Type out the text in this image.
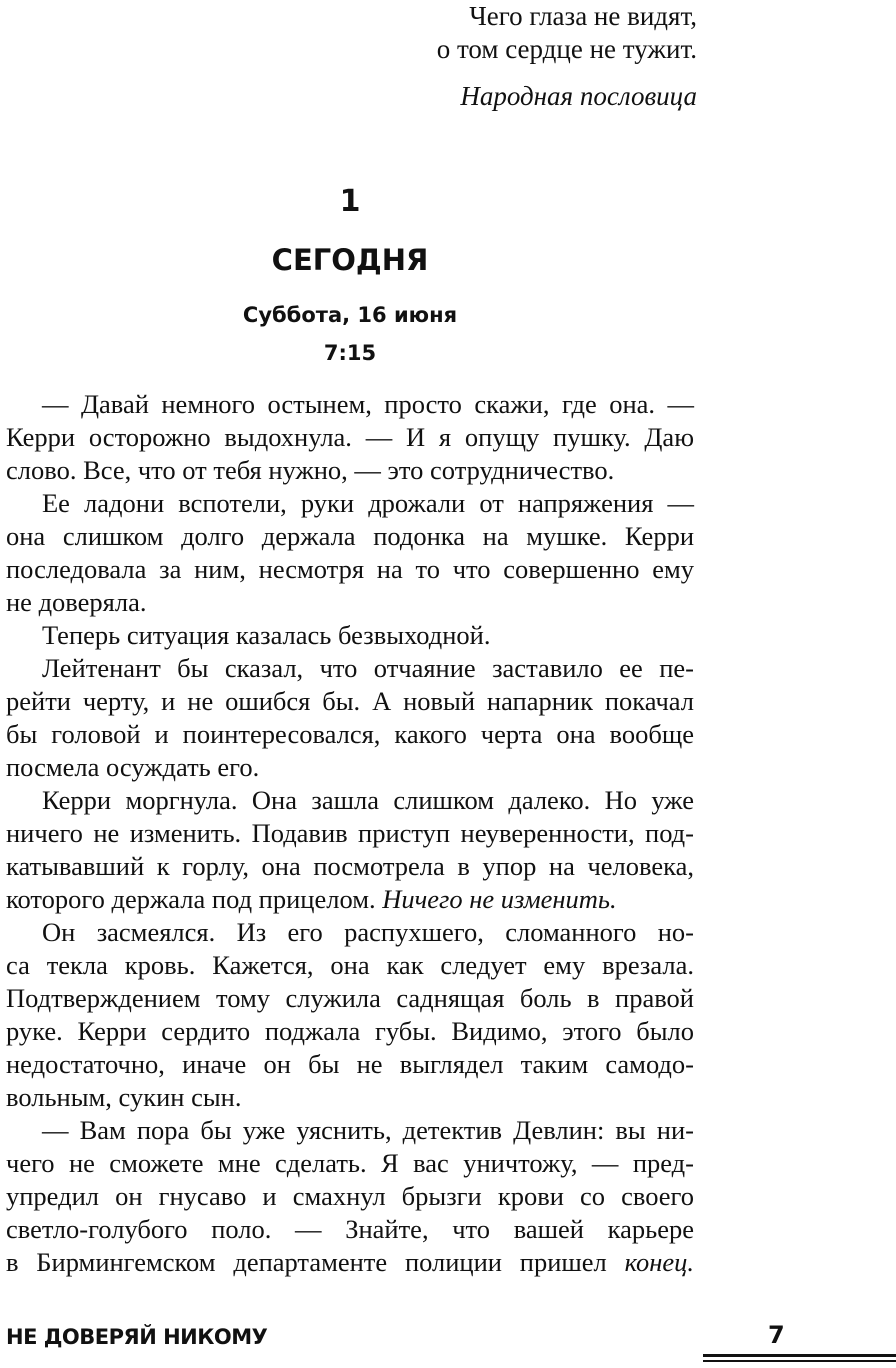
Чего глаза не видят,
о том сердце не тужит.
Народная пословица
1
СЕГОДНЯ
Суббота, 16 июня
7:15
— Давай немного остынем, просто скажи, где она. —
Керри осторожно выдохнула. — И я опущу пушку. Даю
слово. Все, что от тебя нужно, — это сотрудничество.
Ее ладони вспотели, руки дрожали от напряжения —
она слишком долго держала подонка на мушке. Керри
последовала за ним, несмотря на то что совершенно ему
не доверяла.
Теперь ситуация казалась безвыходной.
Лейтенант бы сказал, что отчаяние заставило ее пе-
рейти черту, и не ошибся бы. А новый напарник покачал
бы головой и поинтересовался, какого черта она вообще
посмела осуждать его.
Керри моргнула. Она зашла слишком далеко. Но уже
ничего не изменить. Подавив приступ неуверенности, под-
катывавший к горлу, она посмотрела в упор на человека,
которого держала под прицелом. Ничего не изменить.
Он засмеялся. Из его распухшего, сломанного но-
са текла кровь. Кажется, она как следует ему врезала.
Подтверждением тому служила саднящая боль в правой
руке. Керри сердито поджала губы. Видимо, этого было
недостаточно, иначе он бы не выглядел таким самодо-
вольным, сукин сын.
— Вам пора бы уже уяснить, детектив Девлин: вы ни-
чего не сможете мне сделать. Я вас уничтожу, — пред-
упредил он гнусаво и смахнул брызги крови со своего
светло-голубого поло. — Знайте, что вашей карьере
в Бирмингемском департаменте полиции пришел конец.
НЕ ДОВЕРЯЙ НИКОМУ	7
